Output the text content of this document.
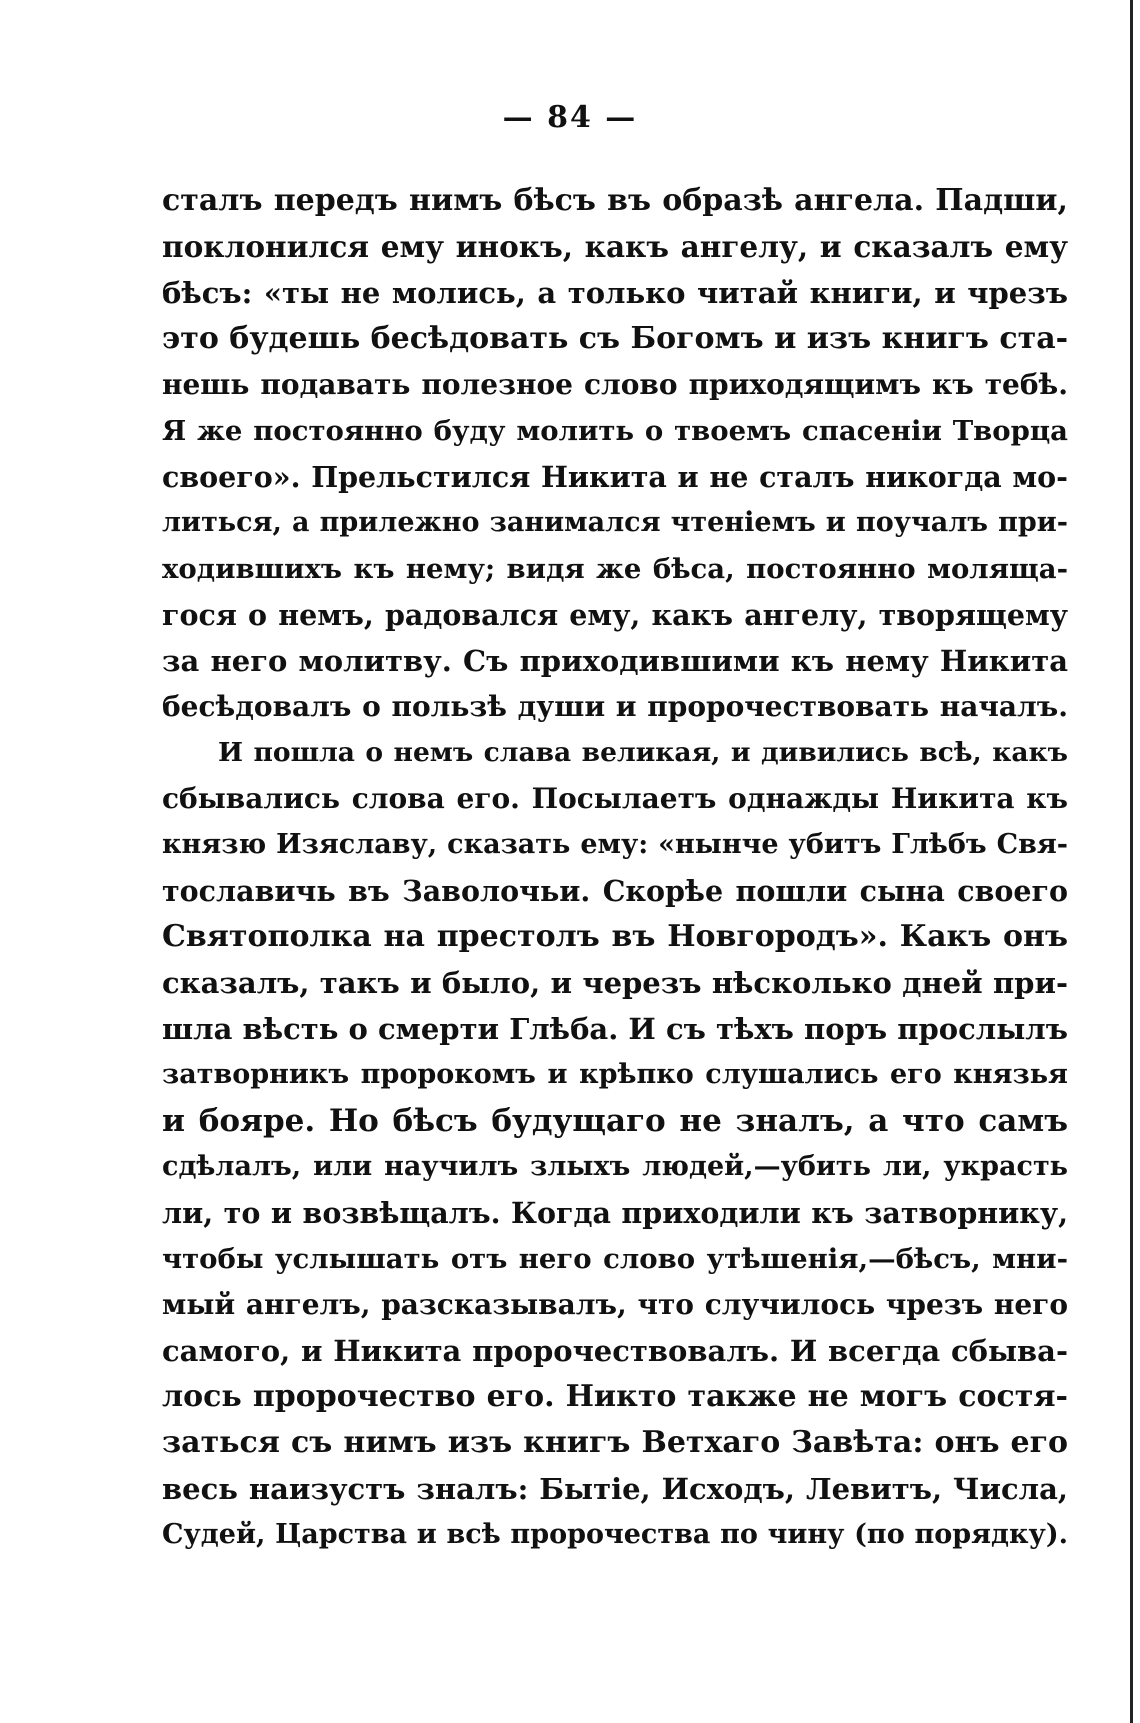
— 84 —
сталъ передъ нимъ бѣсъ въ образѣ ангела. Падши,
поклонился ему инокъ, какъ ангелу, и сказалъ ему
бѣсъ: «ты не молись, а только читай книги, и чрезъ
это будешь бесѣдовать съ Богомъ и изъ книгъ ста-
нешь подавать полезное слово приходящимъ къ тебѣ.
Я же постоянно буду молить о твоемъ спасеніи Творца
своего». Прельстился Никита и не сталъ никогда мо-
литься, а прилежно занимался чтеніемъ и поучалъ при-
ходившихъ къ нему; видя же бѣса, постоянно моляща-
гося о немъ, радовался ему, какъ ангелу, творящему
за него молитву. Съ приходившими къ нему Никита
бесѣдовалъ о пользѣ души и пророчествовать началъ.
И пошла о немъ слава великая, и дивились всѣ, какъ
сбывались слова его. Посылаетъ однажды Никита къ
князю Изяславу, сказать ему: «нынче убитъ Глѣбъ Свя-
тославичь въ Заволочьи. Скорѣе пошли сына своего
Святополка на престолъ въ Новгородъ». Какъ онъ
сказалъ, такъ и было, и черезъ нѣсколько дней при-
шла вѣсть о смерти Глѣба. И съ тѣхъ поръ прослылъ
затворникъ пророкомъ и крѣпко слушались его князья
и бояре. Но бѣсъ будущаго не зналъ, а что самъ
сдѣлалъ, или научилъ злыхъ людей,—убить ли, украсть
ли, то и возвѣщалъ. Когда приходили къ затворнику,
чтобы услышать отъ него слово утѣшенія,—бѣсъ, мни-
мый ангелъ, разсказывалъ, что случилось чрезъ него
самого, и Никита пророчествовалъ. И всегда сбыва-
лось пророчество его. Никто также не могъ состя-
заться съ нимъ изъ книгъ Ветхаго Завѣта: онъ его
весь наизустъ зналъ: Бытіе, Исходъ, Левитъ, Числа,
Судей, Царства и всѣ пророчества по чину (по порядку).
